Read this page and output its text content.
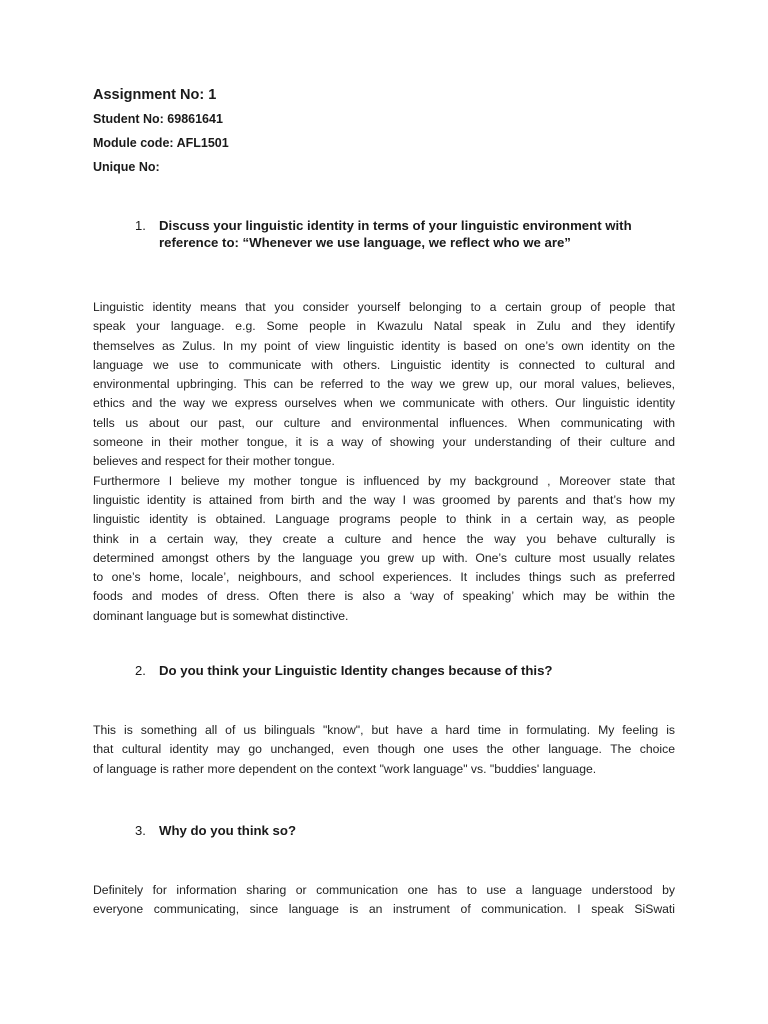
Assignment No: 1

Student No: 69861641

Module code: AFL1501

Unique No:

1. Discuss your linguistic identity in terms of your linguistic environment with reference to: “Whenever we use language, we reflect who we are”
Linguistic identity means that you consider yourself belonging to a certain group of people that
speak your language. e.g. Some people in Kwazulu Natal speak in Zulu and they identify
themselves as Zulus. In my point of view linguistic identity is based on one’s own identity on the
language we use to communicate with others. Linguistic identity is connected to cultural and
environmental upbringing. This can be referred to the way we grew up, our moral values, believes,
ethics and the way we express ourselves when we communicate with others. Our linguistic identity
tells us about our past, our culture and environmental influences. When communicating with
someone in their mother tongue, it is a way of showing your understanding of their culture and
believes and respect for their mother tongue.
Furthermore I believe my mother tongue is influenced by my background , Moreover state that
linguistic identity is attained from birth and the way I was groomed by parents and that’s how my
linguistic identity is obtained. Language programs people to think in a certain way, as people
think in a certain way, they create a culture and hence the way you behave culturally is
determined amongst others by the language you grew up with. One’s culture most usually relates
to one’s home, locale’, neighbours, and school experiences. It includes things such as preferred
foods and modes of dress. Often there is also a ‘way of speaking’ which may be within the
dominant language but is somewhat distinctive.
2. Do you think your Linguistic Identity changes because of this?
This is something all of us bilinguals "know", but have a hard time in formulating. My feeling is
that cultural identity may go unchanged, even though one uses the other language. The choice
of language is rather more dependent on the context "work language" vs. "buddies' language.
3. Why do you think so?
Definitely for information sharing or communication one has to use a language understood by
everyone communicating, since language is an instrument of communication. I speak SiSwati
